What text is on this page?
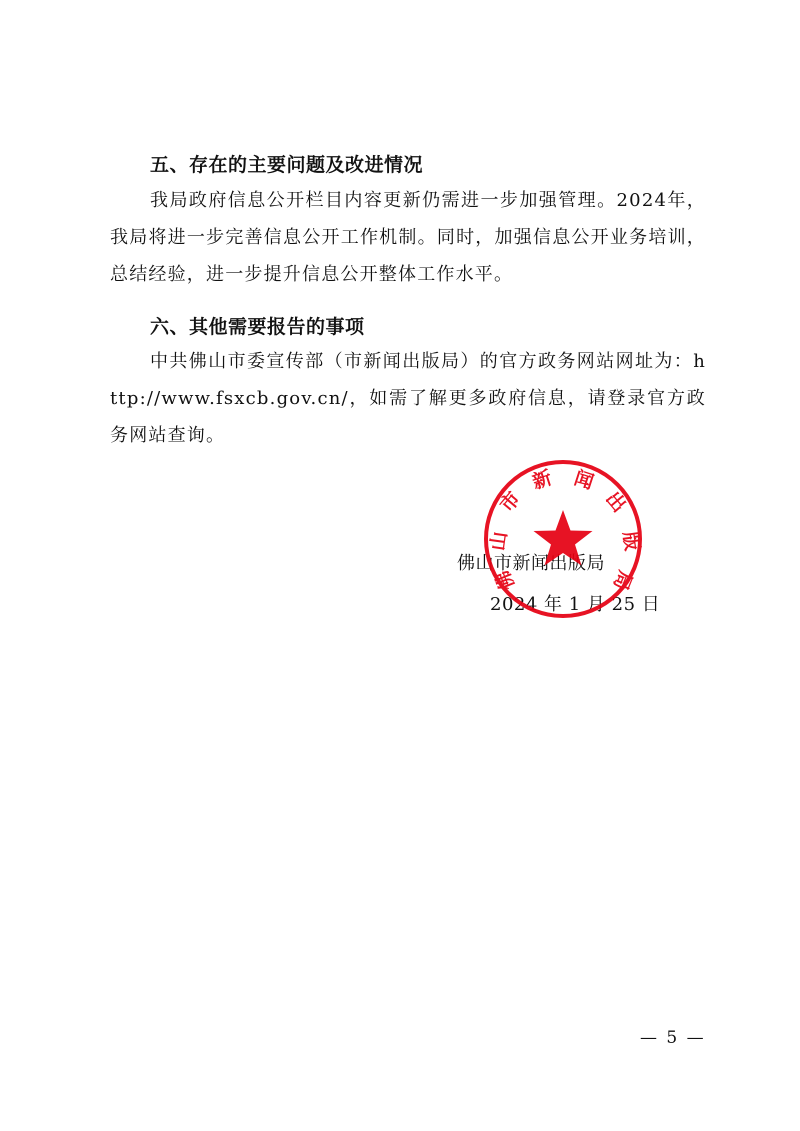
五、存在的主要问题及改进情况

我局政府信息公开栏目内容更新仍需进一步加强管理。2024年，我局将进一步完善信息公开工作机制。同时，加强信息公开业务培训，总结经验，进一步提升信息公开整体工作水平。

六、其他需要报告的事项

中共佛山市委宣传部（市新闻出版局）的官方政务网站网址为：http://www.fsxcb.gov.cn/，如需了解更多政府信息，请登录官方政务网站查询。

佛山市新闻出版局
2024 年 1 月 25 日
佛
山
市
新 闻
出
版
局
— 5 —
